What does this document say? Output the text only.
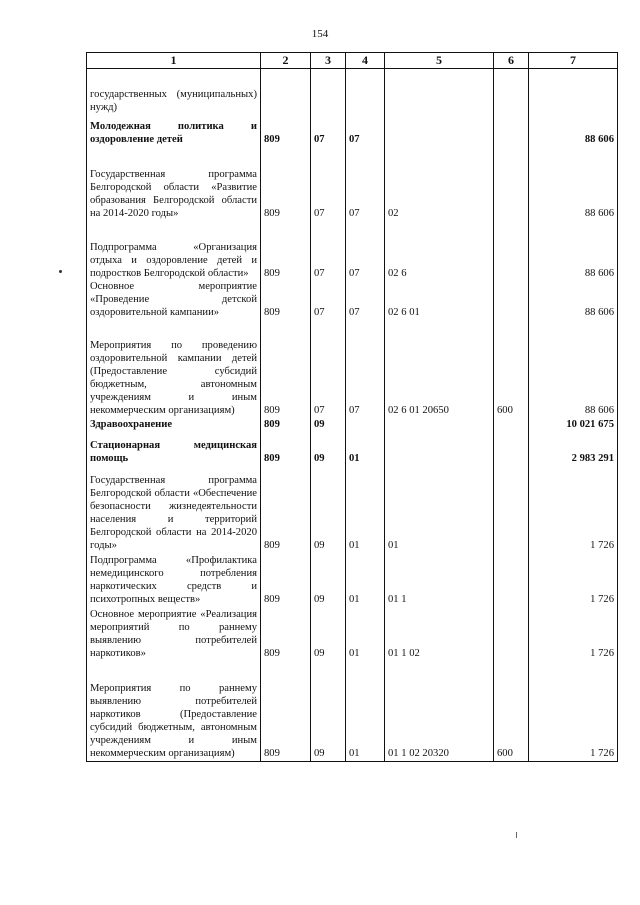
154
1	2	3	4	5	6	7
государственных (муниципальных) нужд)						
Молодежная политика и оздоровление детей	809	07	07			88 606
Государственная программа Белгородской области «Развитие образования Белгородской области на 2014-2020 годы»	809	07	07	02		88 606
Подпрограмма «Организация отдыха и оздоровление детей и подростков Белгородской области»	809	07	07	02 6		88 606
Основное мероприятие «Проведение детской оздоровительной кампании»	809	07	07	02 6 01		88 606
Мероприятия по проведению оздоровительной кампании детей (Предоставление субсидий бюджетным, автономным учреждениям и иным некоммерческим организациям)	809	07	07	02 6 01 20650	600	88 606
Здравоохранение	809	09				10 021 675
Стационарная медицинская помощь	809	09	01			2 983 291
Государственная программа Белгородской области «Обеспечение безопасности жизнедеятельности населения и территорий Белгородской области на 2014-2020 годы»	809	09	01	01		1 726
Подпрограмма «Профилактика немедицинского потребления наркотических средств и психотропных веществ»	809	09	01	01 1		1 726
Основное мероприятие «Реализация мероприятий по раннему выявлению потребителей наркотиков»	809	09	01	01 1 02		1 726
Мероприятия по раннему выявлению потребителей наркотиков (Предоставление субсидий бюджетным, автономным учреждениям и иным некоммерческим организациям)	809	09	01	01 1 02 20320	600	1 726
